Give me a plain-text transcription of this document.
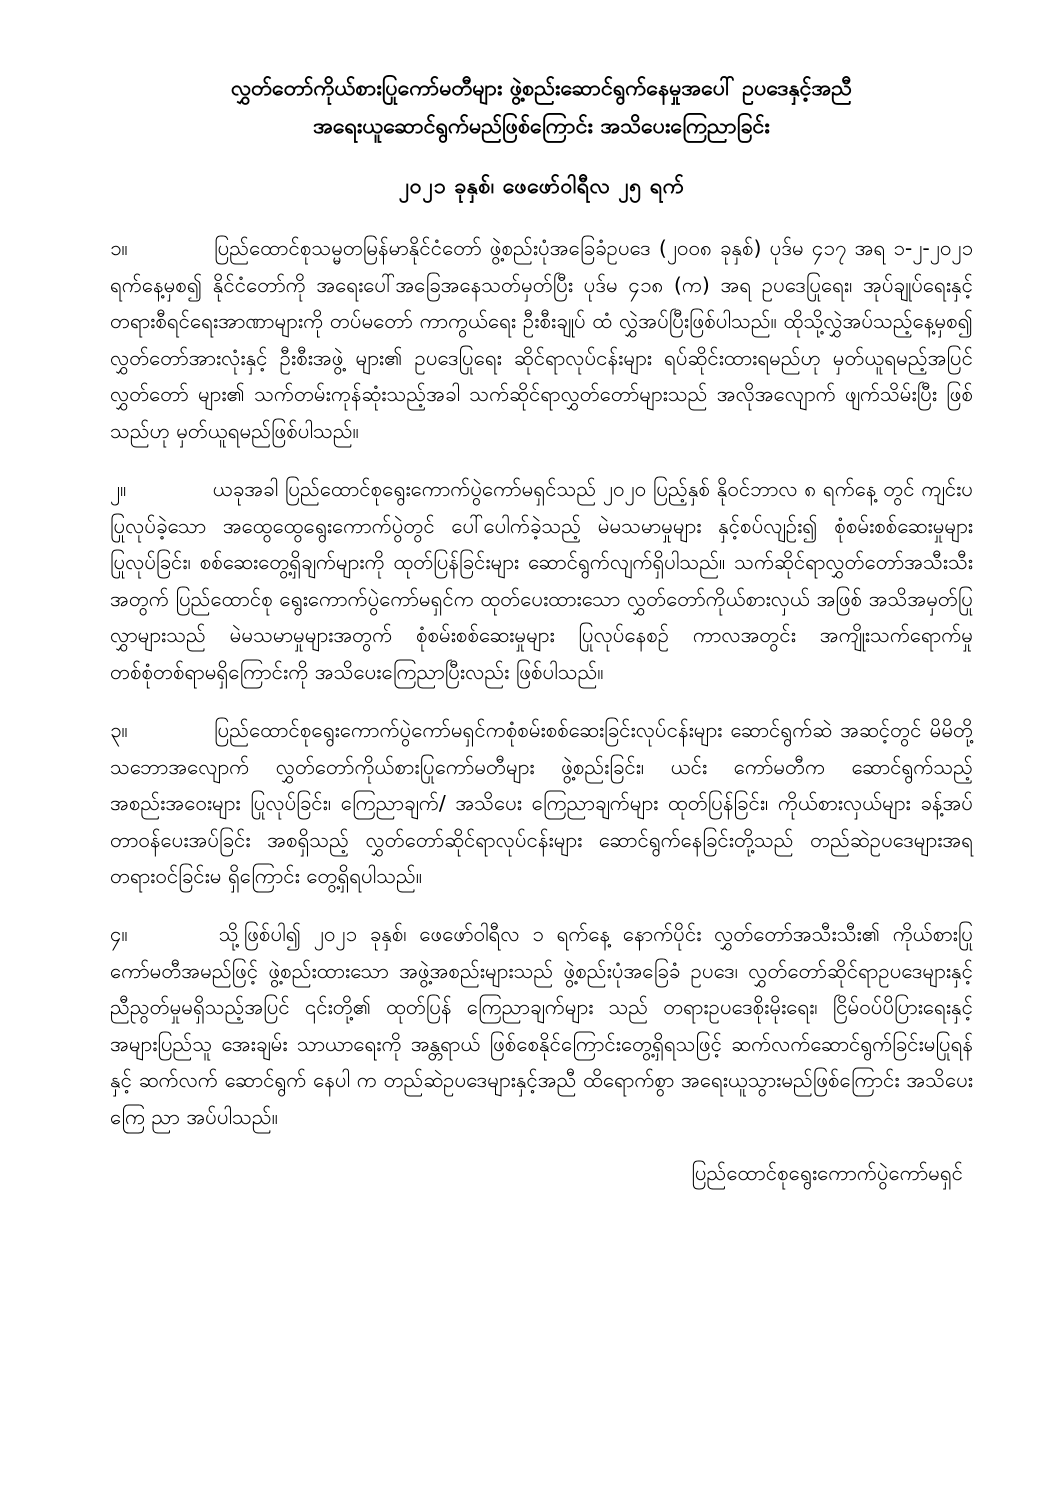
လွှတ်တော်ကိုယ်စားပြုကော်မတီများ ဖွဲ့စည်းဆောင်ရွက်နေမှုအပေါ် ဥပဒေနှင့်အညီ
အရေးယူဆောင်ရွက်မည်ဖြစ်ကြောင်း အသိပေးကြေညာခြင်း
၂၀၂၁ ခုနှစ်၊ ဖေဖော်ဝါရီလ ၂၅ ရက်

၁။	ပြည်ထောင်စုသမ္မတမြန်မာနိုင်ငံတော် ဖွဲ့စည်းပုံအခြေခံဥပဒေ (၂၀၀၈ ခုနှစ်) ပုဒ်မ ၄၁၇ အရ ၁-၂-၂၀၂၁ ရက်နေ့မှစ၍ နိုင်ငံတော်ကို အရေးပေါ်အခြေအနေသတ်မှတ်ပြီး ပုဒ်မ ၄၁၈ (က) အရ ဥပဒေပြုရေး၊ အုပ်ချုပ်ရေးနှင့် တရားစီရင်ရေးအာဏာများကို တပ်မတော် ကာကွယ်ရေး ဦးစီးချုပ် ထံ လွှဲအပ်ပြီးဖြစ်ပါသည်။ ထိုသို့လွှဲအပ်သည့်နေ့မှစ၍ လွှတ်တော်အားလုံးနှင့် ဦးစီးအဖွဲ့ များ၏ ဥပဒေပြုရေး ဆိုင်ရာလုပ်ငန်းများ ရပ်ဆိုင်းထားရမည်ဟု မှတ်ယူရမည့်အပြင် လွှတ်တော် များ၏ သက်တမ်းကုန်ဆုံးသည့်အခါ သက်ဆိုင်ရာလွှတ်တော်များသည် အလိုအလျောက် ဖျက်သိမ်းပြီး ဖြစ် သည်ဟု မှတ်ယူရမည်ဖြစ်ပါသည်။

၂။	ယခုအခါ ပြည်ထောင်စုရွေးကောက်ပွဲကော်မရှင်သည် ၂၀၂၀ ပြည့်နှစ် နိုဝင်ဘာလ ၈ ရက်နေ့ တွင် ကျင်းပပြုလုပ်ခဲ့သော အထွေထွေရွေးကောက်ပွဲတွင် ပေါ်ပေါက်ခဲ့သည့် မဲမသမာမှုများ နှင့်စပ်လျဉ်း၍ စုံစမ်းစစ်ဆေးမှုများ ပြုလုပ်ခြင်း၊ စစ်ဆေးတွေ့ရှိချက်များကို ထုတ်ပြန်ခြင်းများ ဆောင်ရွက်လျက်ရှိပါသည်။ သက်ဆိုင်ရာလွှတ်တော်အသီးသီးအတွက် ပြည်ထောင်စု ရွေးကောက်ပွဲကော်မရှင်က ထုတ်ပေးထားသော လွှတ်တော်ကိုယ်စားလှယ် အဖြစ် အသိအမှတ်ပြု လွှာများသည် မဲမသမာမှုများအတွက် စုံစမ်းစစ်ဆေးမှုများ ပြုလုပ်နေစဉ် ကာလအတွင်း အကျိုးသက်ရောက်မှု တစ်စုံတစ်ရာမရှိကြောင်းကို အသိပေးကြေညာပြီးလည်း ဖြစ်ပါသည်။

၃။	ပြည်ထောင်စုရွေးကောက်ပွဲကော်မရှင်ကစုံစမ်းစစ်ဆေးခြင်းလုပ်ငန်းများ ဆောင်ရွက်ဆဲ အဆင့်တွင် မိမိတို့ သဘောအလျောက် လွှတ်တော်ကိုယ်စားပြုကော်မတီများ ဖွဲ့စည်းခြင်း၊ ယင်း ကော်မတီက ဆောင်ရွက်သည့် အစည်းအဝေးများ ပြုလုပ်ခြင်း၊ ကြေညာချက်/ အသိပေး ကြေညာချက်များ ထုတ်ပြန်ခြင်း၊ ကိုယ်စားလှယ်များ ခန့်အပ်တာဝန်ပေးအပ်ခြင်း အစရှိသည့် လွှတ်တော်ဆိုင်ရာလုပ်ငန်းများ ဆောင်ရွက်နေခြင်းတို့သည် တည်ဆဲဥပဒေများအရ တရားဝင်ခြင်းမ ရှိကြောင်း တွေ့ရှိရပါသည်။

၄။	သို့ဖြစ်ပါ၍ ၂၀၂၁ ခုနှစ်၊ ဖေဖော်ဝါရီလ ၁ ရက်နေ့ နောက်ပိုင်း လွှတ်တော်အသီးသီး၏ ကိုယ်စားပြုကော်မတီအမည်ဖြင့် ဖွဲ့စည်းထားသော အဖွဲ့အစည်းများသည် ဖွဲ့စည်းပုံအခြေခံ ဥပဒေ၊ လွှတ်တော်ဆိုင်ရာဥပဒေများနှင့် ညီညွတ်မှုမရှိသည့်အပြင် ၎င်းတို့၏ ထုတ်ပြန် ကြေညာချက်များ သည် တရားဥပဒေစိုးမိုးရေး၊ ငြိမ်ဝပ်ပိပြားရေးနှင့် အများပြည်သူ အေးချမ်း သာယာရေးကို အန္တရာယ် ဖြစ်စေနိုင်ကြောင်းတွေ့ရှိရသဖြင့် ဆက်လက်ဆောင်ရွက်ခြင်းမပြုရန်နှင့် ဆက်လက် ဆောင်ရွက် နေပါ က တည်ဆဲဥပဒေများနှင့်အညီ ထိရောက်စွာ အရေးယူသွားမည်ဖြစ်ကြောင်း အသိပေး ကြေ ညာ အပ်ပါသည်။

ပြည်ထောင်စုရွေးကောက်ပွဲကော်မရှင်
